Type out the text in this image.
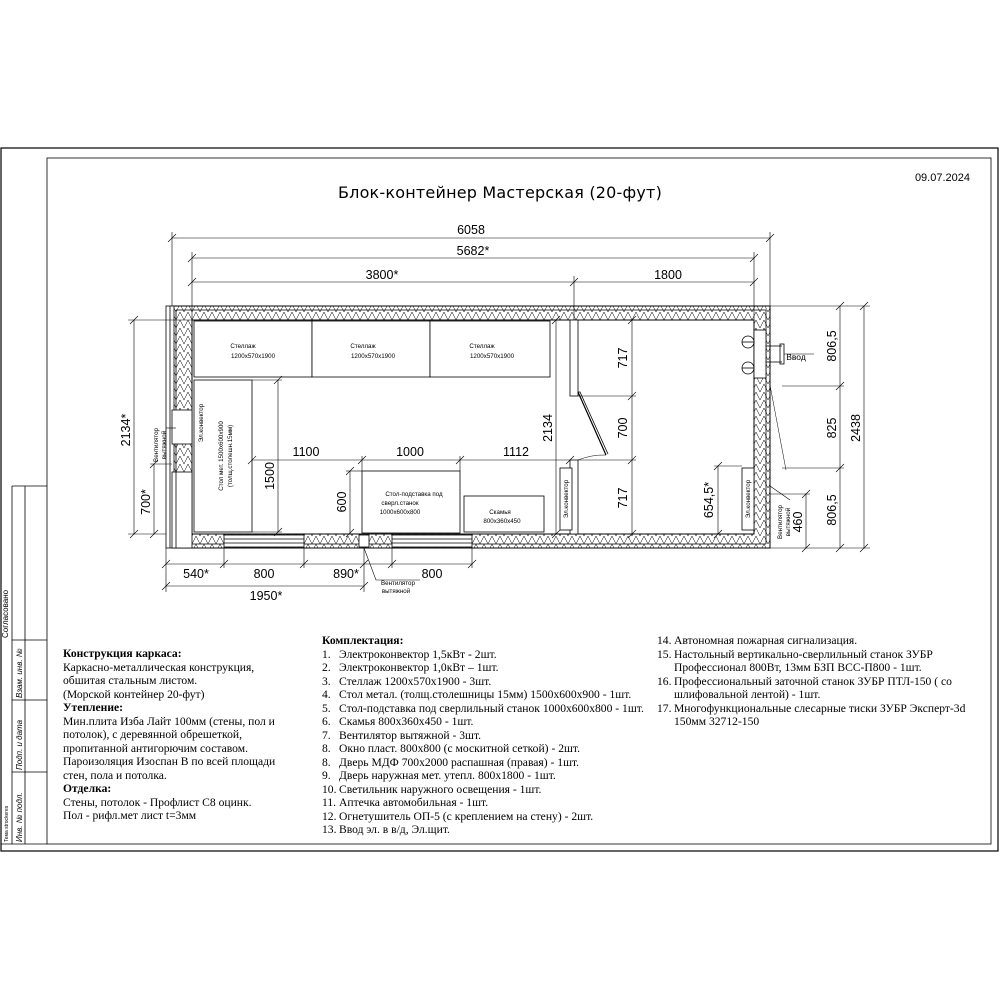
Согласовано
Взам. инв. №
Подп. и дата
Инв. № подл.
Тема strockeres
6058
5682*
3800*	1800
806,5
825
806,5
2438
460
2134*
700*
540*	800	890*	800
1950*
1100	1000	1112
1500
600
2134
717
700
717	654,5*
Стеллаж
1200x570x1900
Стеллаж
1200x570x1900
Стеллаж
1200x570x1900
Стол мет. 1500х600х900 (толщ.столешн.15мм)
Стол-подставка под
сверл.станок
1000х600х800	Скамья
800х360х450
Эл.конвектор
Эл.конвектор	Эл.конвектор
Вентилятор вытяжной
Вентилятор
вытяжной
Вентилятор вытяжной
Ввод
Блок-контейнер Мастерская (20-фут)
09.07.2024
Конструкция каркаса:
Каркасно-металлическая конструкция,
обшитая стальным листом.
(Морской контейнер 20-фут)
Утепление:
Мин.плита Изба Лайт 100мм (стены, пол и
потолок), с деревянной обрешеткой,
пропитанной антигорючим составом.
Пароизоляция Изоспан В по всей площади
стен, пола и потолка.
Отделка:
Стены, потолок - Профлист С8 оцинк.
Пол - рифл.мет лист t=3мм
Комплектация:
1. Электроконвектор 1,5кВт - 2шт.
2. Электроконвектор 1,0кВт – 1шт.
3. Стеллаж 1200х570х1900 - 3шт.
4. Стол метал. (толщ.столешницы 15мм) 1500х600х900 - 1шт.
5. Стол-подставка под сверлильный станок 1000х600х800 - 1шт.
6. Скамья 800х360х450 - 1шт.
7. Вентилятор вытяжной - 3шт.
8. Окно пласт. 800х800 (с москитной сеткой) - 2шт.
8. Дверь МДФ 700х2000 распашная (правая) - 1шт.
9. Дверь наружная мет. утепл. 800х1800 - 1шт.
10. Светильник наружного освещения - 1шт.
11. Аптечка автомобильная - 1шт.
12. Огнетушитель ОП-5 (с креплением на стену) - 2шт.
13. Ввод эл. в в/д, Эл.щит.
14. Автономная пожарная сигнализация.
15. Настольный вертикально-сверлильный станок ЗУБР
Профессионал 800Вт, 13мм БЗП ВСС-П800 - 1шт.
16. Профессиональный заточной станок ЗУБР ПТЛ-150 ( со
шлифовальной лентой) - 1шт.
17. Многофункциональные слесарные тиски ЗУБР Эксперт-3d
150мм 32712-150
